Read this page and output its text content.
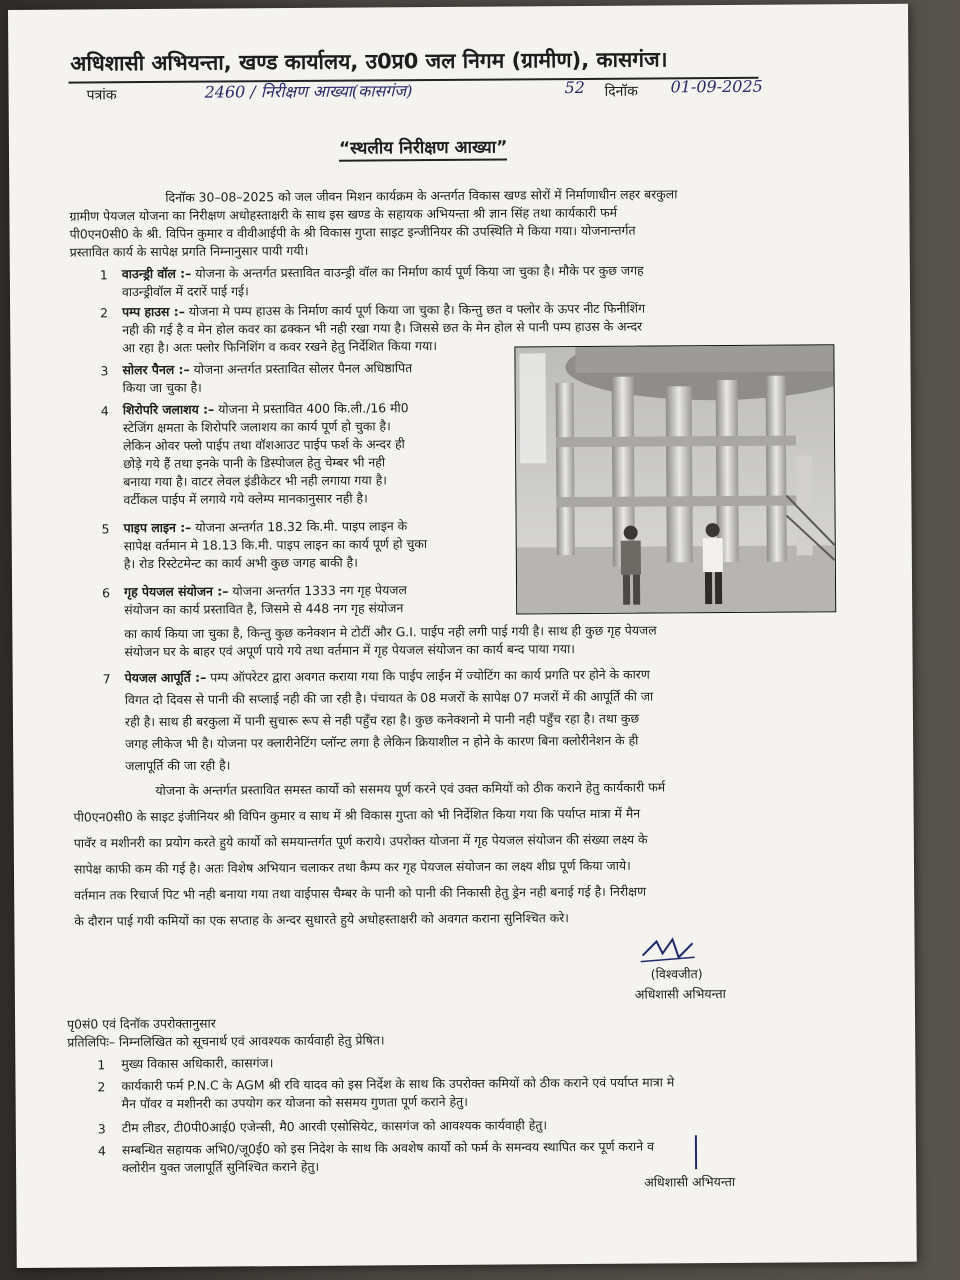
अधिशासी अभियन्ता, खण्ड कार्यालय, उ0प्र0 जल निगम (ग्रामीण), कासगंज।
पत्रांक	2460 / निरीक्षण आख्या(कासगंज)	52 दिनॉक 01-09-2025
“स्थलीय निरीक्षण आख्या”
दिनॉक 30–08–2025 को जल जीवन मिशन कार्यक्रम के अन्तर्गत विकास खण्ड सोरों में निर्माणाधीन लहर बरकुला
ग्रामीण पेयजल योजना का निरीक्षण अधोहस्ताक्षरी के साथ इस खण्ड के सहायक अभियन्ता श्री ज्ञान सिंह तथा कार्यकारी फर्म
पी0एन0सी0 के श्री. विपिन कुमार व वीवीआईपी के श्री विकास गुप्ता साइट इन्जीनियर की उपस्थिति मे किया गया। योजनान्तर्गत
प्रस्तावित कार्य के सापेक्ष प्रगति निम्नानुसार पायी गयी।
1 वाउन्ड्री वॉल :– योजना के अन्तर्गत प्रस्तावित वाउन्ड्री वॉल का निर्माण कार्य पूर्ण किया जा चुका है। मौके पर कुछ जगह
वाउन्ड्रीवॉल में दरारें पाई गई।
2 पम्प हाउस :– योजना मे पम्प हाउस के निर्माण कार्य पूर्ण किया जा चुका है। किन्तु छत व फ्लोर के ऊपर नीट फिनीशिंग
नही की गई है व मेन होल कवर का ढक्कन भी नही रखा गया है। जिससे छत के मेन होल से पानी पम्प हाउस के अन्दर
आ रहा है। अतः फ्लोर फिनिशिंग व कवर रखने हेतु निर्देशित किया गया।
3 सोलर पैनल :– योजना अन्तर्गत प्रस्तावित सोलर पैनल अधिष्ठापित
किया जा चुका है।
4 शिरोपरि जलाशय :– योजना मे प्रस्तावित 400 कि.ली./16 मी0
स्टेजिंग क्षमता के शिरोपरि जलाशय का कार्य पूर्ण हो चुका है।
लेकिन ओवर फ्लो पाईप तथा वॉशआउट पाईप फर्श के अन्दर ही
छोड़े गये हैं तथा इनके पानी के डिस्पोजल हेतु चेम्बर भी नही
बनाया गया है। वाटर लेवल इंडीकेटर भी नही लगाया गया है।
वर्टीकल पाईप में लगाये गये क्लेम्प मानकानुसार नही है।
5 पाइप लाइन :– योजना अन्तर्गत 18.32 कि.मी. पाइप लाइन के
सापेक्ष वर्तमान मे 18.13 कि.मी. पाइप लाइन का कार्य पूर्ण हो चुका
है। रोड रिस्टेटमेन्ट का कार्य अभी कुछ जगह बाकी है।
6 गृह पेयजल संयोजन :– योजना अन्तर्गत 1333 नग गृह पेयजल
संयोजन का कार्य प्रस्तावित है, जिसमे से 448 नग गृह संयोजन
का कार्य किया जा चुका है, किन्तु कुछ कनेक्शन मे टोटीं और G.I. पाईप नही लगी पाई गयी है। साथ ही कुछ गृह पेयजल
संयोजन घर के बाहर एवं अपूर्ण पाये गये तथा वर्तमान में गृह पेयजल संयोजन का कार्य बन्द पाया गया।
7 पेयजल आपूर्ति :– पम्प ऑपरेटर द्वारा अवगत कराया गया कि पाईप लाईन में ज्योटिंग का कार्य प्रगति पर होने के कारण
विगत दो दिवस से पानी की सप्लाई नही की जा रही है। पंचायत के 08 मजरों के सापेक्ष 07 मजरों में की आपूर्ति की जा
रही है। साथ ही बरकुला में पानी सुचारू रूप से नही पहुँच रहा है। कुछ कनेक्शनो मे पानी नही पहुँच रहा है। तथा कुछ
जगह लीकेज भी है। योजना पर क्लारीनेटिंग प्लॉन्ट लगा है लेकिन क्रियाशील न होने के कारण बिना क्लोरीनेशन के ही
जलापूर्ति की जा रही है।
योजना के अन्तर्गत प्रस्तावित समस्त कार्यो को ससमय पूर्ण करने एवं उक्त कमियों को ठीक कराने हेतु कार्यकारी फर्म
पी0एन0सी0 के साइट इंजीनियर श्री विपिन कुमार व साथ में श्री विकास गुप्ता को भी निर्देशित किया गया कि पर्याप्त मात्रा में मैन
पावॅर व मशीनरी का प्रयोग करते हुये कार्यो को समयान्तर्गत पूर्ण कराये। उपरोक्त योजना में गृह पेयजल संयोजन की संख्या लक्ष्य के
सापेक्ष काफी कम की गई है। अतः विशेष अभियान चलाकर तथा कैम्प कर गृह पेयजल संयोजन का लक्ष्य शीघ्र पूर्ण किया जाये।
वर्तमान तक रिचार्ज पिट भी नही बनाया गया तथा वाईपास चैम्बर के पानी को पानी की निकासी हेतु ड्रेन नही बनाई गई है। निरीक्षण
के दौरान पाई गयी कमियों का एक सप्ताह के अन्दर सुधारते हुये अधोहस्ताक्षरी को अवगत कराना सुनिश्चित करे।
(विश्वजीत)
अधिशासी अभियन्ता
पृ0सं0 एवं दिनॉक उपरोक्तानुसार
प्रतिलिपिः– निम्नलिखित को सूचनार्थ एवं आवश्यक कार्यवाही हेतु प्रेषित।
1 मुख्य विकास अधिकारी, कासगंज।
2 कार्यकारी फर्म P.N.C के AGM श्री रवि यादव को इस निर्देश के साथ कि उपरोक्त कमियों को ठीक कराने एवं पर्याप्त मात्रा मे
मैन पॉवर व मशीनरी का उपयोग कर योजना को ससमय गुणता पूर्ण कराने हेतु।
3 टीम लीडर, टी0पी0आई0 एजेन्सी, मै0 आरवी एसोसियेट, कासगंज को आवश्यक कार्यवाही हेतु।
4 सम्बन्धित सहायक अभि0/जू0ई0 को इस निदेश के साथ कि अवशेष कार्यो को फर्म के समन्वय स्थापित कर पूर्ण कराने व
क्लोरीन युक्त जलापूर्ति सुनिश्चित कराने हेतु।
अधिशासी अभियन्ता
